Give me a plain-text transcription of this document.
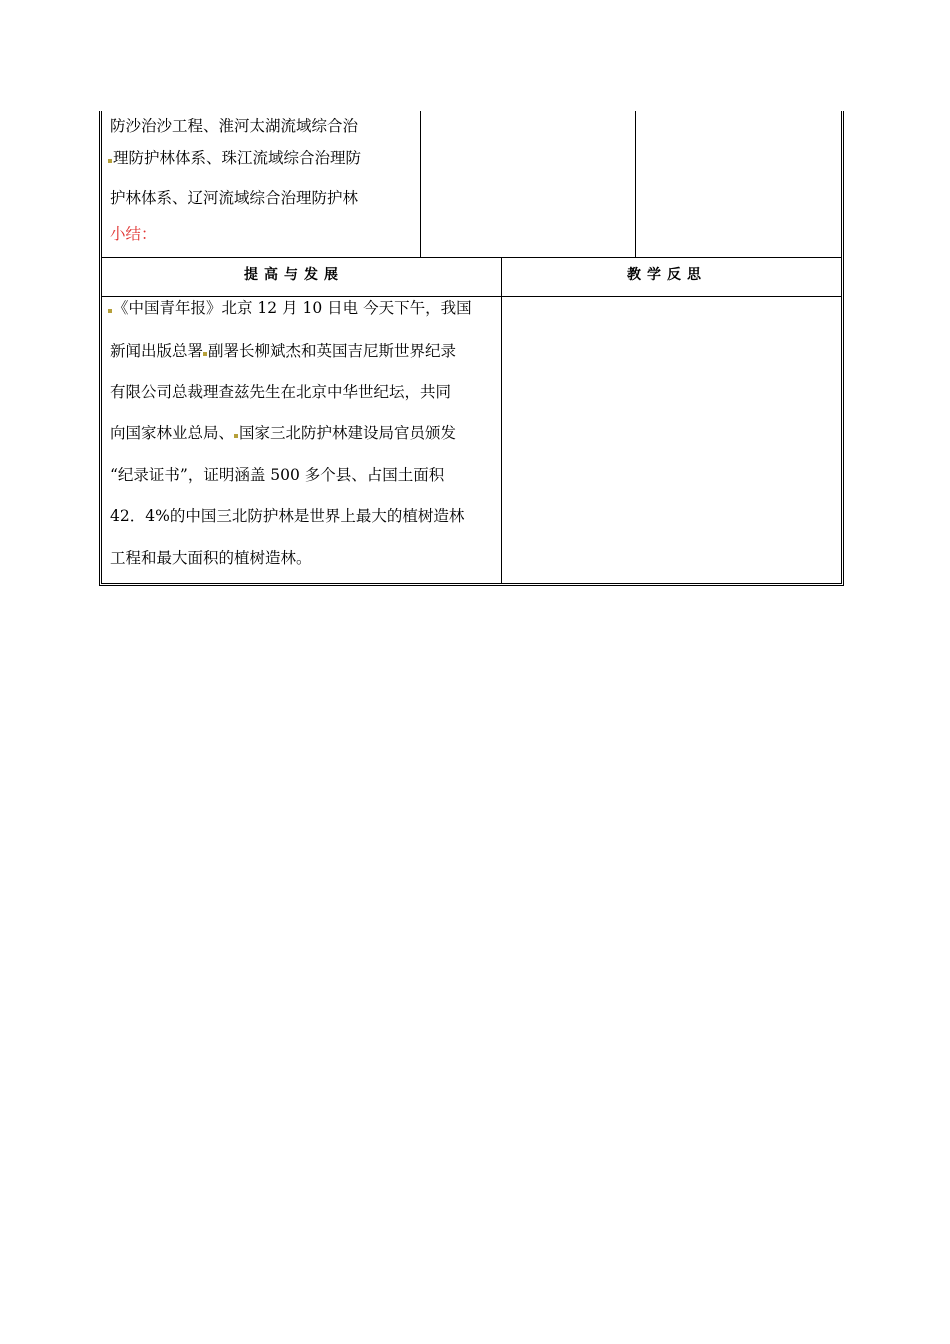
防沙治沙工程、淮河太湖流域综合治
理防护林体系、珠江流域综合治理防
护林体系、辽河流域综合治理防护林
小结：
提高与发展	教学反思
《中国青年报》北京 12 月 10 日电 今天下午，我国
新闻出版总署 副署长柳斌杰和英国吉尼斯世界纪录
有限公司总裁理查兹先生在北京中华世纪坛，共同
向国家林业总局、 国家三北防护林建设局官员颁发
“纪录证书”，证明涵盖 500 多个县、占国土面积
42．4%的中国三北防护林是世界上最大的植树造林
工程和最大面积的植树造林。
